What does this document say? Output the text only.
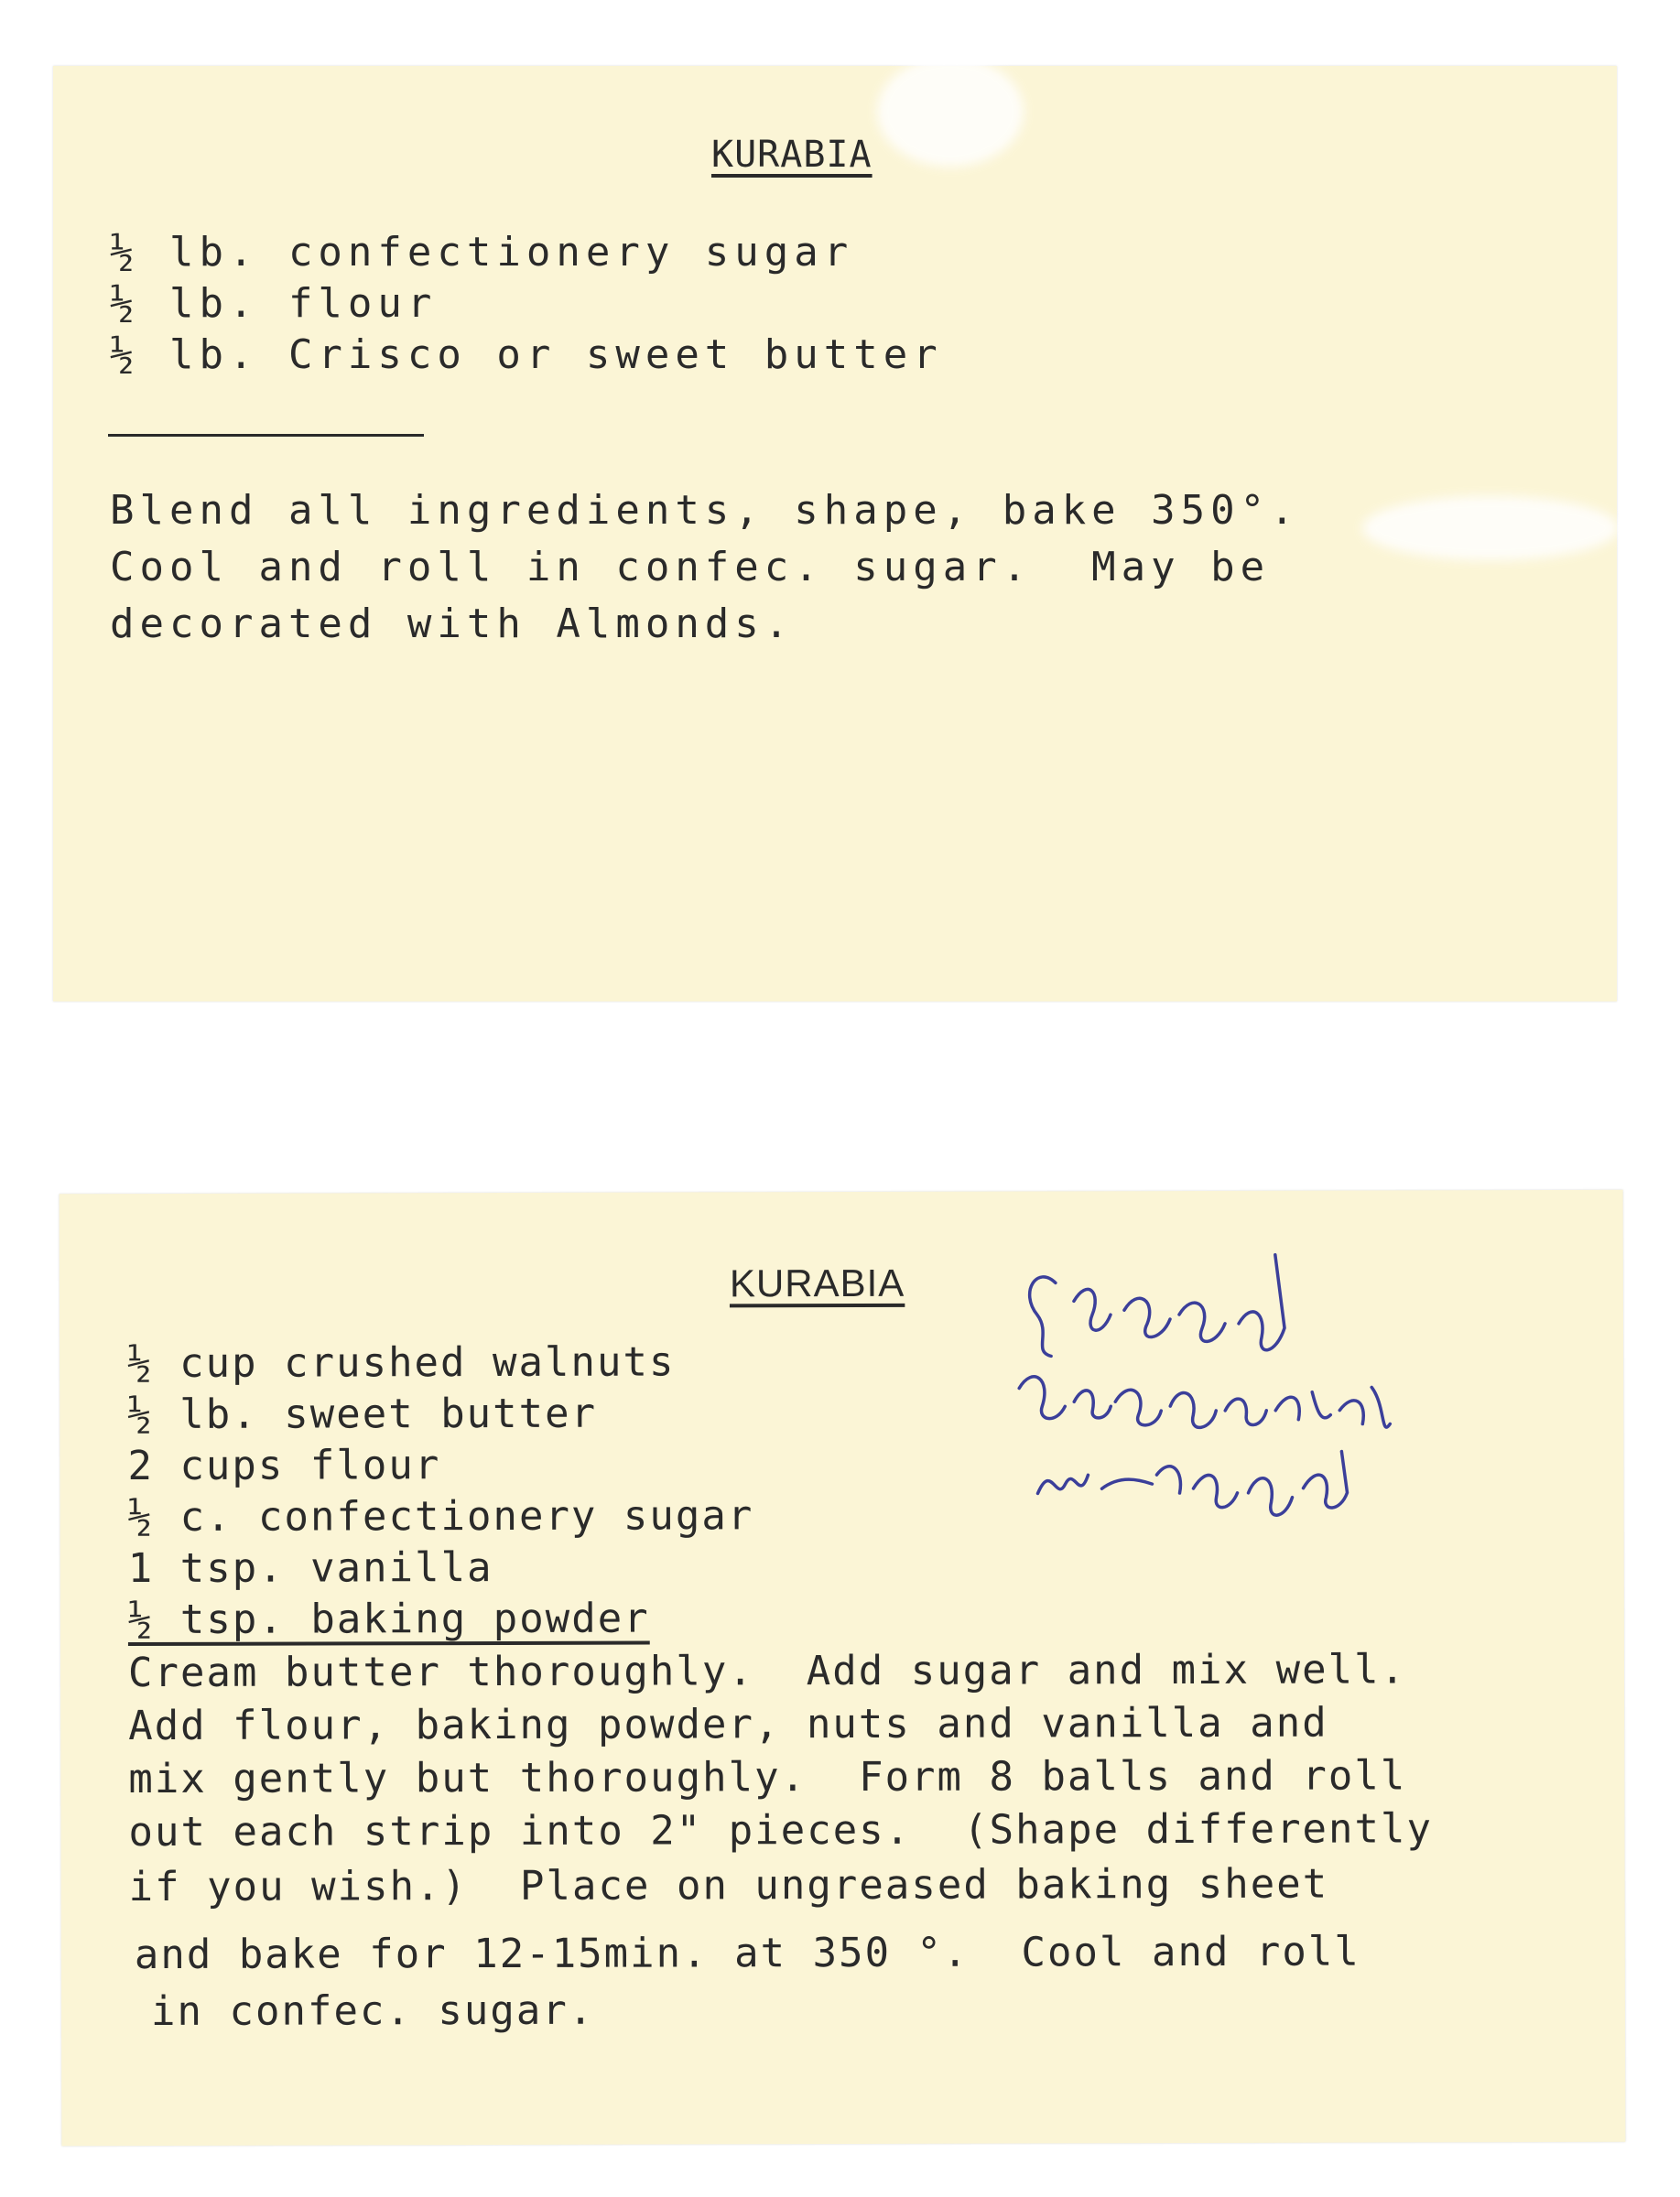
KURABIA
½ lb. confectionery sugar
½ lb. flour
½ lb. Crisco or sweet butter
Blend all ingredients, shape, bake 350°.
Cool and roll in confec. sugar.  May be
decorated with Almonds.
KURABIA
½ cup crushed walnuts
½ lb. sweet butter
2 cups flour
½ c. confectionery sugar
1 tsp. vanilla
½ tsp. baking powder
Cream butter thoroughly.  Add sugar and mix well.
Add flour, baking powder, nuts and vanilla and
mix gently but thoroughly.  Form 8 balls and roll
out each strip into 2" pieces.  (Shape differently
if you wish.)  Place on ungreased baking sheet
and bake for 12-15min. at 350 °.  Cool and roll
in confec. sugar.
